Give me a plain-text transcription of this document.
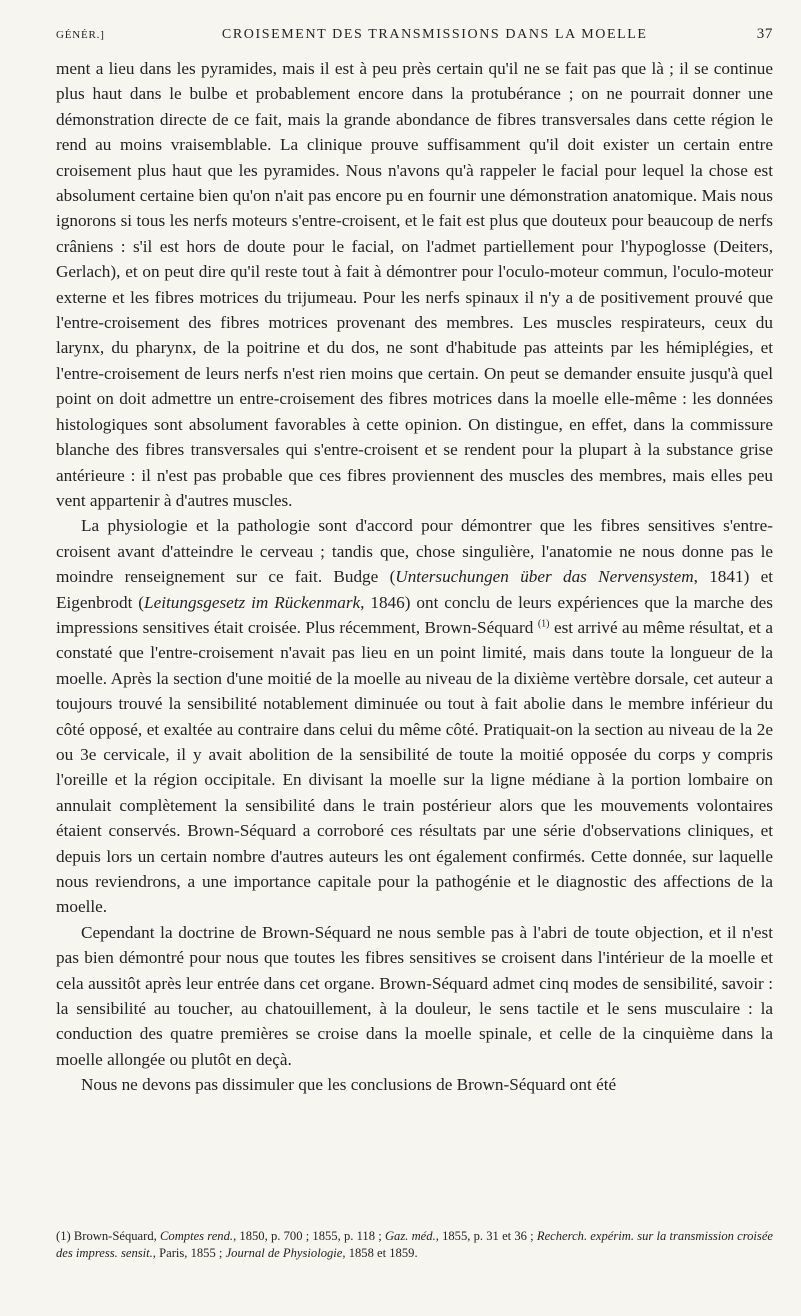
GÉNÉR.]	CROISEMENT DES TRANSMISSIONS DANS LA MOELLE	37

ment a lieu dans les pyramides, mais il est à peu près certain qu'il ne se fait pas que là ; il se continue plus haut dans le bulbe et probablement encore dans la protubérance ; on ne pourrait donner une démonstration directe de ce fait, mais la grande abondance de fibres transversales dans cette région le rend au moins vraisemblable. La clinique prouve suffisamment qu'il doit exister un certain entre croisement plus haut que les pyramides. Nous n'avons qu'à rappeler le facial pour lequel la chose est absolument certaine bien qu'on n'ait pas encore pu en fournir une démonstration anatomique. Mais nous ignorons si tous les nerfs moteurs s'entre-croisent, et le fait est plus que douteux pour beaucoup de nerfs crâniens : s'il est hors de doute pour le facial, on l'admet partiellement pour l'hypoglosse (Deiters, Gerlach), et on peut dire qu'il reste tout à fait à démontrer pour l'oculo-moteur commun, l'oculo-moteur externe et les fibres motrices du trijumeau. Pour les nerfs spinaux il n'y a de positivement prouvé que l'entre-croisement des fibres motrices provenant des membres. Les muscles respirateurs, ceux du larynx, du pharynx, de la poitrine et du dos, ne sont d'habitude pas atteints par les hémiplégies, et l'entre-croisement de leurs nerfs n'est rien moins que certain. On peut se demander ensuite jusqu'à quel point on doit admettre un entre-croisement des fibres motrices dans la moelle elle-même : les données histologiques sont absolument favorables à cette opinion. On distingue, en effet, dans la commissure blanche des fibres transversales qui s'entre-croisent et se rendent pour la plupart à la substance grise antérieure : il n'est pas probable que ces fibres proviennent des muscles des membres, mais elles peu vent appartenir à d'autres muscles.

La physiologie et la pathologie sont d'accord pour démontrer que les fibres sensitives s'entre-croisent avant d'atteindre le cerveau ; tandis que, chose singulière, l'anatomie ne nous donne pas le moindre renseignement sur ce fait. Budge (Untersuchungen über das Nervensystem, 1841) et Eigenbrodt (Leitungsgesetz im Rückenmark, 1846) ont conclu de leurs expériences que la marche des impressions sensitives était croisée. Plus récemment, Brown-Séquard $^{(1)}$ est arrivé au même résultat, et a constaté que l'entre-croisement n'avait pas lieu en un point limité, mais dans toute la longueur de la moelle. Après la section d'une moitié de la moelle au niveau de la dixième vertèbre dorsale, cet auteur a toujours trouvé la sensibilité notablement diminuée ou tout à fait abolie dans le membre inférieur du côté opposé, et exaltée au contraire dans celui du même côté. Pratiquait-on la section au niveau de la 2e ou 3e cervicale, il y avait abolition de la sensibilité de toute la moitié opposée du corps y compris l'oreille et la région occipitale. En divisant la moelle sur la ligne médiane à la portion lombaire on annulait complètement la sensibilité dans le train postérieur alors que les mouvements volontaires étaient conservés. Brown-Séquard a corroboré ces résultats par une série d'observations cliniques, et depuis lors un certain nombre d'autres auteurs les ont également confirmés. Cette donnée, sur laquelle nous reviendrons, a une importance capitale pour la pathogénie et le diagnostic des affections de la moelle.

Cependant la doctrine de Brown-Séquard ne nous semble pas à l'abri de toute objection, et il n'est pas bien démontré pour nous que toutes les fibres sensitives se croisent dans l'intérieur de la moelle et cela aussitôt après leur entrée dans cet organe. Brown-Séquard admet cinq modes de sensibilité, savoir : la sensibilité au toucher, au chatouillement, à la douleur, le sens tactile et le sens musculaire : la conduction des quatre premières se croise dans la moelle spinale, et celle de la cinquième dans la moelle allongée ou plutôt en deçà.

Nous ne devons pas dissimuler que les conclusions de Brown-Séquard ont été

(1) Brown-Séquard, Comptes rend., 1850, p. 700 ; 1855, p. 118 ; Gaz. méd., 1855, p. 31 et 36 ; Recherch. expérim. sur la transmission croisée des impress. sensit., Paris, 1855 ; Journal de Physiologie, 1858 et 1859.
